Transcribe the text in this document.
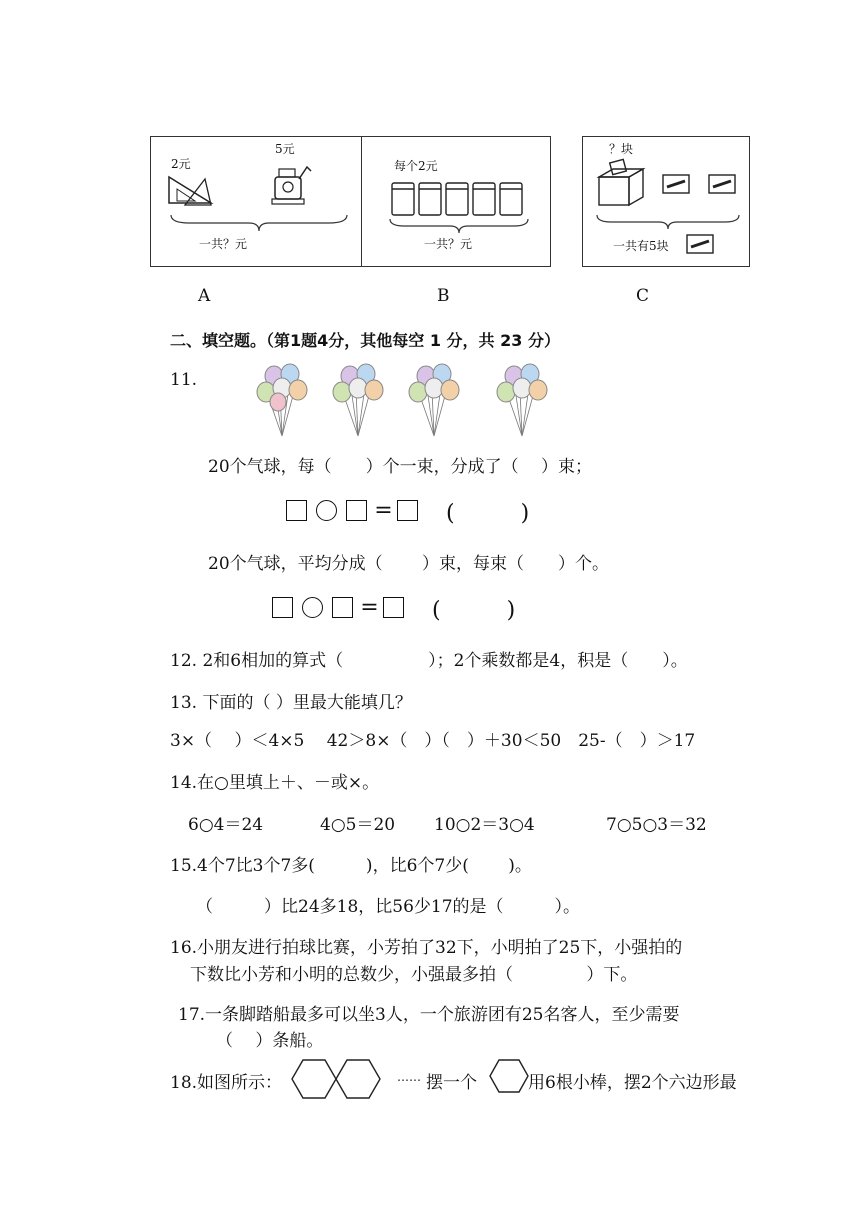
2元
5元
一共？元
每个2元
一共？元
？块
一共有5块
A	B	C
二、填空题。（第1题4分，其他每空 1 分，共 23 分）
11.
20个气球，每（　　）个一束，分成了（　 ）束；
=	(　　　)
20个气球，平均分成（　　 ）束，每束（　　）个。
=	(　　　)
12. 2和6相加的算式（　　　　　）；2个乘数都是4，积是（　　）。
13. 下面的（ ）里最大能填几？
3×（　 ）＜4×5　 42＞8×（　）（　）＋30＜50　25-（　）＞17
14.在○里填上＋、－或×。
6○4＝24	4○5＝20 10○2＝3○4	7○5○3＝32
15.4个7比3个7多(　　　)，比6个7少(　　 )。
（　　　）比24多18，比56少17的是（　　　）。
16.小朋友进行拍球比赛，小芳拍了32下，小明拍了25下，小强拍的
下数比小芳和小明的总数少，小强最多拍（　　　　 ）下。
17.一条脚踏船最多可以坐3人，一个旅游团有25名客人，至少需要
（　 ）条船。
18.如图所示：	…… 摆一个	用6根小棒，摆2个六边形最
